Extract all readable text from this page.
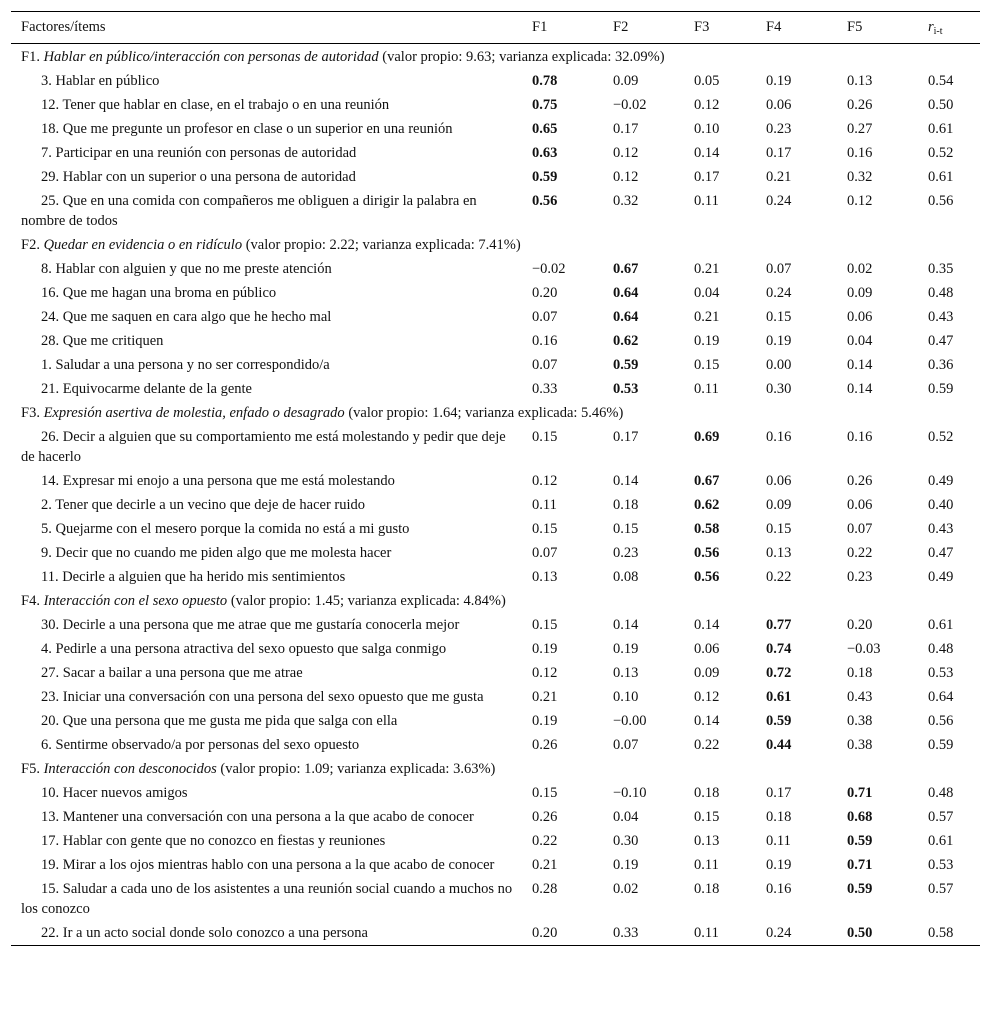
Factores/ítems	F1	F2	F3	F4	F5	$r_{i-t}$
F1. Hablar en público/interacción con personas de autoridad (valor propio: 9.63; varianza explicada: 32.09%)						
3. Hablar en público	0.78	0.09	0.05	0.19	0.13	0.54
12. Tener que hablar en clase, en el trabajo o en una reunión	0.75	−0.02	0.12	0.06	0.26	0.50
18. Que me pregunte un profesor en clase o un superior en una reunión	0.65	0.17	0.10	0.23	0.27	0.61
7. Participar en una reunión con personas de autoridad	0.63	0.12	0.14	0.17	0.16	0.52
29. Hablar con un superior o una persona de autoridad	0.59	0.12	0.17	0.21	0.32	0.61
25. Que en una comida con compañeros me obliguen a dirigir la palabra en nombre de todos	0.56	0.32	0.11	0.24	0.12	0.56
F2. Quedar en evidencia o en ridículo (valor propio: 2.22; varianza explicada: 7.41%)						
8. Hablar con alguien y que no me preste atención	−0.02	0.67	0.21	0.07	0.02	0.35
16. Que me hagan una broma en público	0.20	0.64	0.04	0.24	0.09	0.48
24. Que me saquen en cara algo que he hecho mal	0.07	0.64	0.21	0.15	0.06	0.43
28. Que me critiquen	0.16	0.62	0.19	0.19	0.04	0.47
1. Saludar a una persona y no ser correspondido/a	0.07	0.59	0.15	0.00	0.14	0.36
21. Equivocarme delante de la gente	0.33	0.53	0.11	0.30	0.14	0.59
F3. Expresión asertiva de molestia, enfado o desagrado (valor propio: 1.64; varianza explicada: 5.46%)						
26. Decir a alguien que su comportamiento me está molestando y pedir que deje de hacerlo	0.15	0.17	0.69	0.16	0.16	0.52
14. Expresar mi enojo a una persona que me está molestando	0.12	0.14	0.67	0.06	0.26	0.49
2. Tener que decirle a un vecino que deje de hacer ruido	0.11	0.18	0.62	0.09	0.06	0.40
5. Quejarme con el mesero porque la comida no está a mi gusto	0.15	0.15	0.58	0.15	0.07	0.43
9. Decir que no cuando me piden algo que me molesta hacer	0.07	0.23	0.56	0.13	0.22	0.47
11. Decirle a alguien que ha herido mis sentimientos	0.13	0.08	0.56	0.22	0.23	0.49
F4. Interacción con el sexo opuesto (valor propio: 1.45; varianza explicada: 4.84%)						
30. Decirle a una persona que me atrae que me gustaría conocerla mejor	0.15	0.14	0.14	0.77	0.20	0.61
4. Pedirle a una persona atractiva del sexo opuesto que salga conmigo	0.19	0.19	0.06	0.74	−0.03	0.48
27. Sacar a bailar a una persona que me atrae	0.12	0.13	0.09	0.72	0.18	0.53
23. Iniciar una conversación con una persona del sexo opuesto que me gusta	0.21	0.10	0.12	0.61	0.43	0.64
20. Que una persona que me gusta me pida que salga con ella	0.19	−0.00	0.14	0.59	0.38	0.56
6. Sentirme observado/a por personas del sexo opuesto	0.26	0.07	0.22	0.44	0.38	0.59
F5. Interacción con desconocidos (valor propio: 1.09; varianza explicada: 3.63%)						
10. Hacer nuevos amigos	0.15	−0.10	0.18	0.17	0.71	0.48
13. Mantener una conversación con una persona a la que acabo de conocer	0.26	0.04	0.15	0.18	0.68	0.57
17. Hablar con gente que no conozco en fiestas y reuniones	0.22	0.30	0.13	0.11	0.59	0.61
19. Mirar a los ojos mientras hablo con una persona a la que acabo de conocer	0.21	0.19	0.11	0.19	0.71	0.53
15. Saludar a cada uno de los asistentes a una reunión social cuando a muchos no los conozco	0.28	0.02	0.18	0.16	0.59	0.57
22. Ir a un acto social donde solo conozco a una persona	0.20	0.33	0.11	0.24	0.50	0.58
